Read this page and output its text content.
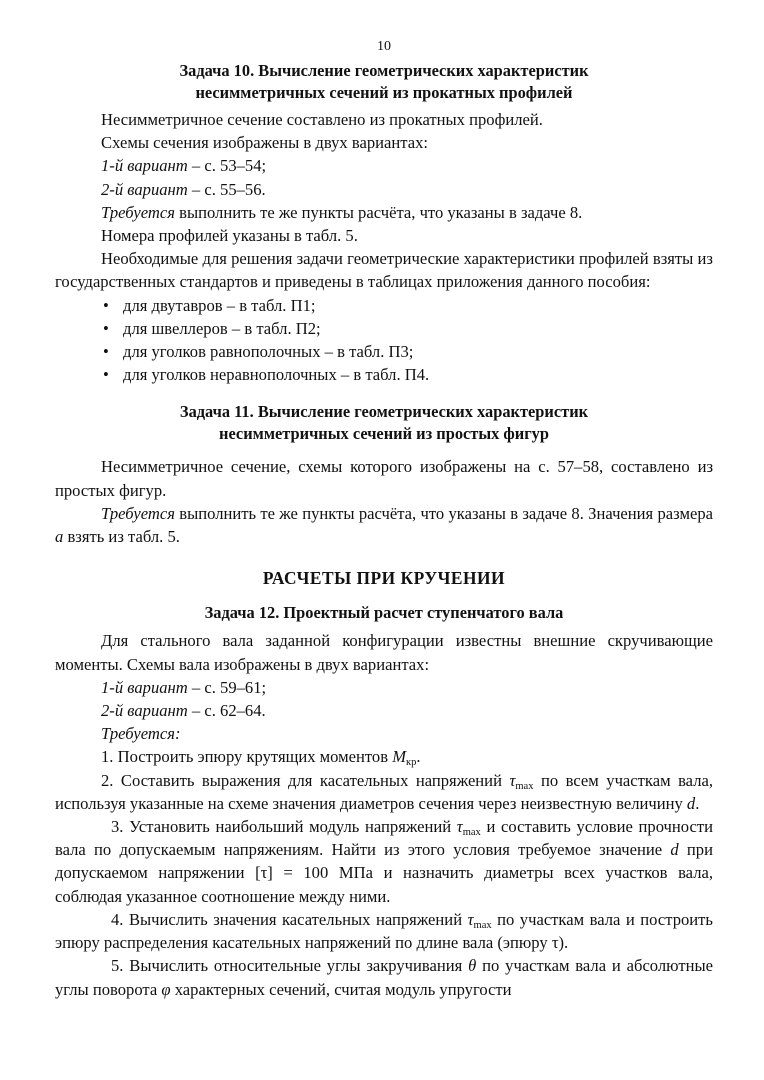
10
Задача 10. Вычисление геометрических характеристик
несимметричных сечений из прокатных профилей

Несимметричное сечение составлено из прокатных профилей.

Схемы сечения изображены в двух вариантах:

1-й вариант – с. 53–54;

2-й вариант – с. 55–56.

Требуется выполнить те же пункты расчёта, что указаны в задаче 8.

Номера профилей указаны в табл. 5.

Необходимые для решения задачи геометрические характеристики профилей взяты из государственных стандартов и приведены в таблицах приложения данного пособия:

• для двутавров – в табл. П1;
• для швеллеров – в табл. П2;
• для уголков равнополочных – в табл. П3;
• для уголков неравнополочных – в табл. П4.
Задача 11. Вычисление геометрических характеристик
несимметричных сечений из простых фигур

Несимметричное сечение, схемы которого изображены на с. 57–58, составлено из простых фигур.

Требуется выполнить те же пункты расчёта, что указаны в задаче 8. Значения размера a взять из табл. 5.

РАСЧЕТЫ ПРИ КРУЧЕНИИ
Задача 12. Проектный расчет ступенчатого вала

Для стального вала заданной конфигурации известны внешние скручивающие моменты. Схемы вала изображены в двух вариантах:

1-й вариант – с. 59–61;

2-й вариант – с. 62–64.

Требуется:

1. Построить эпюру крутящих моментов $M_{кр}$.

2. Составить выражения для касательных напряжений $\tau_{max}$ по всем участкам вала, используя указанные на схеме значения диаметров сечения через неизвестную величину d.

3. Установить наибольший модуль напряжений $\tau_{max}$ и составить условие прочности вала по допускаемым напряжениям. Найти из этого условия требуемое значение d при допускаемом напряжении [τ] = 100 МПа и назначить диаметры всех участков вала, соблюдая указанное соотношение между ними.

4. Вычислить значения касательных напряжений $\tau_{max}$ по участкам вала и построить эпюру распределения касательных напряжений по длине вала (эпюру τ).

5. Вычислить относительные углы закручивания θ по участкам вала и абсолютные углы поворота φ характерных сечений, считая модуль упругости
